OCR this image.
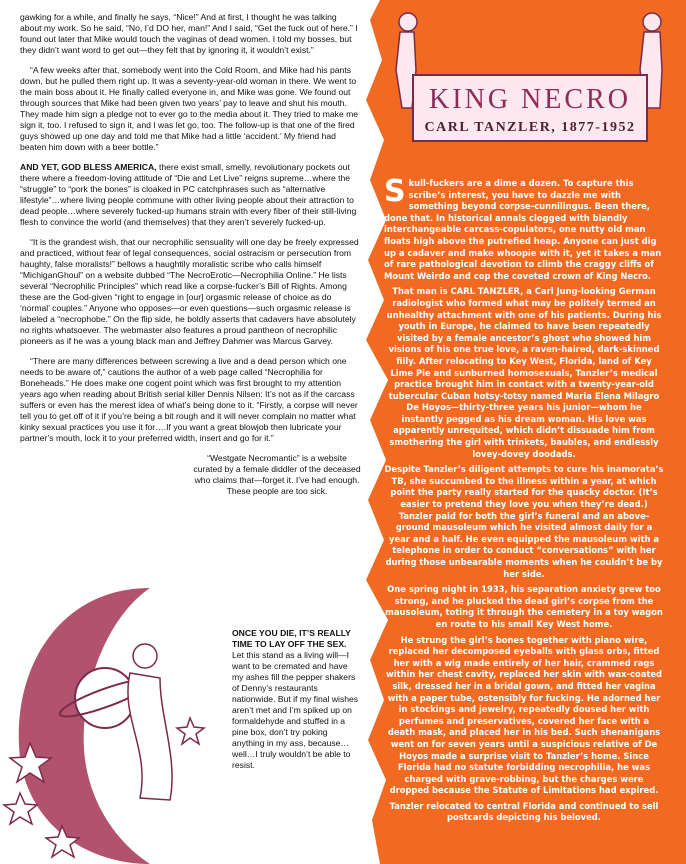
gawking for a while, and finally he says, “Nice!” And at first, I thought he was talking about my work. So he said, “No, I’d DO her, man!” And I said, “Get the fuck out of here.” I found out later that Mike would touch the vaginas of dead women. I told my bosses, but they didn’t want word to get out—they felt that by ignoring it, it wouldn’t exist.”

“A few weeks after that, somebody went into the Cold Room, and Mike had his pants down, but he pulled them right up. It was a seventy-year-old woman in there. We went to the main boss about it. He finally called everyone in, and Mike was gone. We found out through sources that Mike had been given two years’ pay to leave and shut his mouth. They made him sign a pledge not to ever go to the media about it. They tried to make me sign it, too. I refused to sign it, and I was let go, too. The follow-up is that one of the fired guys showed up one day and told me that Mike had a little ‘accident.’ My friend had beaten him down with a beer bottle.”

AND YET, GOD BLESS AMERICA, there exist small, smelly, revolutionary pockets out there where a freedom-loving attitude of “Die and Let Live” reigns supreme…where the “struggle” to “pork the bones” is cloaked in PC catchphrases such as “alternative lifestyle”…where living people commune with other living people about their attraction to dead people…where severely fucked-up humans strain with every fiber of their still-living flesh to convince the world (and themselves) that they aren’t severely fucked-up.

“It is the grandest wish, that our necrophilic sensuality will one day be freely expressed and practiced, without fear of legal consequences, social ostracism or persecution from haughty, false moralists!” bellows a haughtily moralistic scribe who calls himself “MichiganGhoul” on a website dubbed “The NecroErotic—Necrophilia Online.” He lists several “Necrophilic Principles” which read like a corpse-fucker’s Bill of Rights. Among these are the God-given “right to engage in [our] orgasmic release of choice as do ‘normal’ couples.” Anyone who opposes—or even questions—such orgasmic release is labeled a “necrophobe.” On the flip side, he boldly asserts that cadavers have absolutely no rights whatsoever. The webmaster also features a proud pantheon of necrophilic pioneers as if he was a young black man and Jeffrey Dahmer was Marcus Garvey.

“There are many differences between screwing a live and a dead person which one needs to be aware of,” cautions the author of a web page called “Necrophilia for Boneheads.” He does make one cogent point which was first brought to my attention years ago when reading about British serial killer Dennis Nilsen: It’s not as if the carcass suffers or even has the merest idea of what’s being done to it. “Firstly, a corpse will never tell you to get off of it if you’re being a bit rough and it will never complain no matter what kinky sexual practices you use it for….If you want a great blowjob then lubricate your partner’s mouth, lock it to your preferred width, insert and go for it.”

“Westgate Necromantic” is a website curated by a female diddler of the deceased who claims that—forget it. I’ve had enough. These people are too sick.
ONCE YOU DIE, IT’S REALLY TIME TO LAY OFF THE SEX. Let this stand as a living will—I want to be cremated and have my ashes fill the pepper shakers of Denny’s restaurants nationwide. But if my final wishes aren’t met and I’m spiked up on formaldehyde and stuffed in a pine box, don’t try poking anything in my ass, because…well…I truly wouldn’t be able to resist.
KING NECRO
CARL TANZLER, 1877-1952

Skull-fuckers are a dime a dozen. To capture this scribe’s interest, you have to dazzle me with something beyond corpse-cunnilingus. Been there, done that. In historical annals clogged with blandly interchangeable carcass-copulators, one nutty old man floats high above the putrefied heap. Anyone can just dig up a cadaver and make whoopie with it, yet it takes a man of rare pathological devotion to climb the craggy cliffs of Mount Weirdo and cop the coveted crown of King Necro.

That man is CARL TANZLER, a Carl Jung-looking German radiologist who formed what may be politely termed an unhealthy attachment with one of his patients. During his youth in Europe, he claimed to have been repeatedly visited by a female ancestor’s ghost who showed him visions of his one true love, a raven-haired, dark-skinned filly. After relocating to Key West, Florida, land of Key Lime Pie and sunburned homosexuals, Tanzler’s medical practice brought him in contact with a twenty-year-old tubercular Cuban hotsy-totsy named Maria Elena Milagro De Hoyos—thirty-three years his junior—whom he instantly pegged as his dream woman. His love was apparently unrequited, which didn’t dissuade him from smothering the girl with trinkets, baubles, and endlessly lovey-dovey doodads.

Despite Tanzler’s diligent attempts to cure his inamorata’s TB, she succumbed to the illness within a year, at which point the party really started for the quacky doctor. (It’s easier to pretend they love you when they’re dead.) Tanzler paid for both the girl’s funeral and an above-ground mausoleum which he visited almost daily for a year and a half. He even equipped the mausoleum with a telephone in order to conduct “conversations” with her during those unbearable moments when he couldn’t be by her side.

One spring night in 1933, his separation anxiety grew too strong, and he plucked the dead girl’s corpse from the mausoleum, toting it through the cemetery in a toy wagon en route to his small Key West home.

He strung the girl’s bones together with piano wire, replaced her decomposed eyeballs with glass orbs, fitted her with a wig made entirely of her hair, crammed rags within her chest cavity, replaced her skin with wax-coated silk, dressed her in a bridal gown, and fitted her vagina with a paper tube, ostensibly for fucking. He adorned her in stockings and jewelry, repeatedly doused her with perfumes and preservatives, covered her face with a death mask, and placed her in his bed. Such shenanigans went on for seven years until a suspicious relative of De Hoyos made a surprise visit to Tanzler’s home. Since Florida had no statute forbidding necrophilia, he was charged with grave-robbing, but the charges were dropped because the Statute of Limitations had expired.

Tanzler relocated to central Florida and continued to sell postcards depicting his beloved.
